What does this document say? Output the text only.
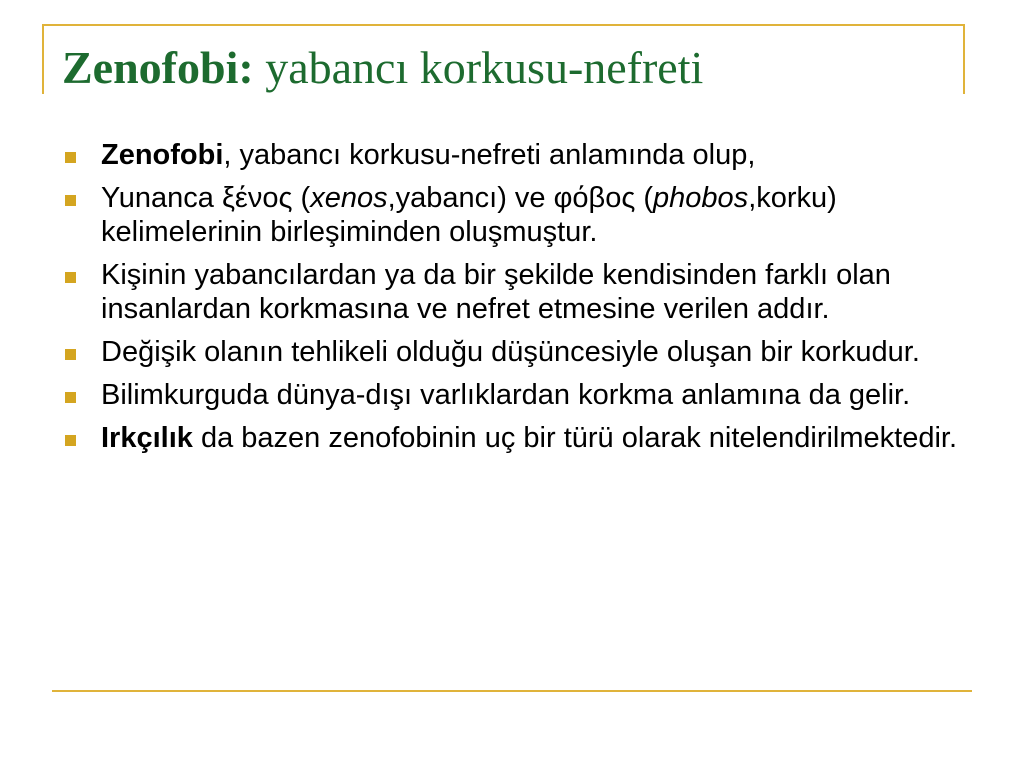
Zenofobi: yabancı korkusu-nefreti
Zenofobi, yabancı korkusu-nefreti anlamında olup,
Yunanca ξένος (xenos,yabancı) ve φόβος (phobos,korku) kelimelerinin birleşiminden oluşmuştur.
Kişinin yabancılardan ya da bir şekilde kendisinden farklı olan insanlardan korkmasına ve nefret etmesine verilen addır.
Değişik olanın tehlikeli olduğu düşüncesiyle oluşan bir korkudur.
Bilimkurguda dünya-dışı varlıklardan korkma anlamına da gelir.
Irkçılık da bazen zenofobinin uç bir türü olarak nitelendirilmektedir.
